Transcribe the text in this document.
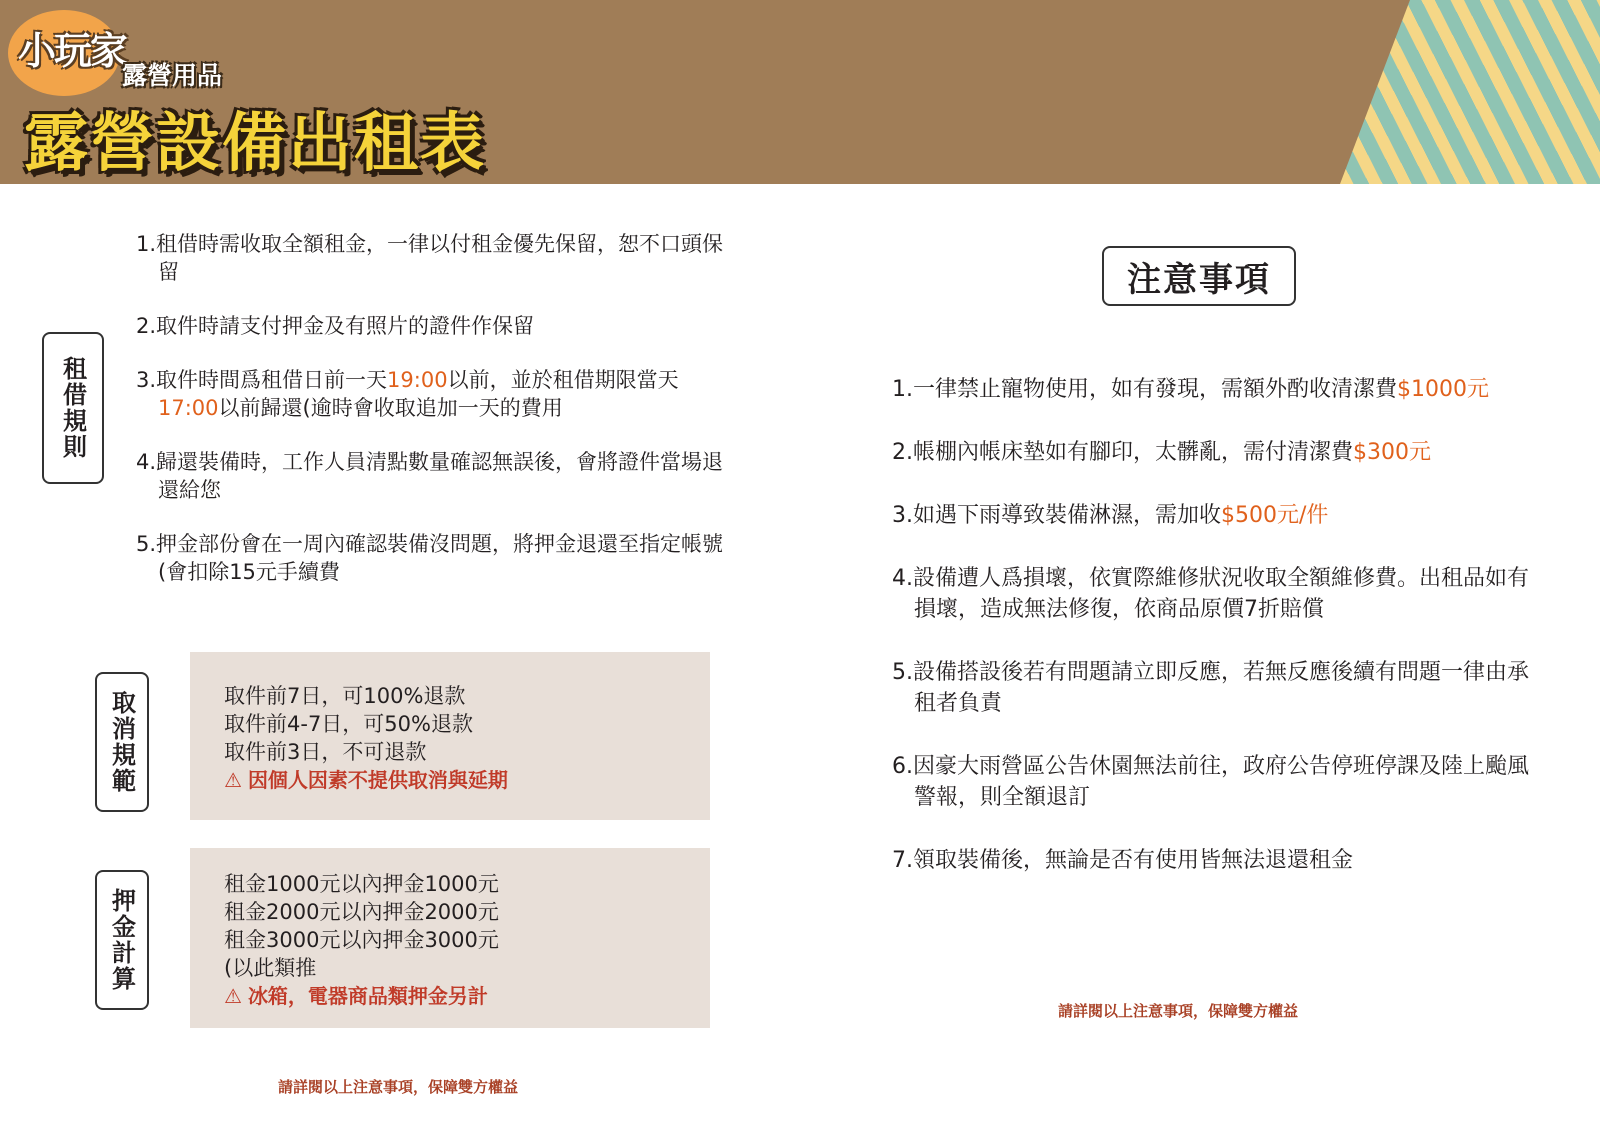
小玩家
露營用品
露營設備出租表
租借規則
1.租借時需收取全額租金，一律以付租金優先保留，恕不口頭保留
2.取件時請支付押金及有照片的證件作保留
3.取件時間爲租借日前一天19:00以前，並於租借期限當天17:00以前歸還(逾時會收取追加一天的費用
4.歸還裝備時，工作人員清點數量確認無誤後，會將證件當場退還給您
5.押金部份會在一周內確認裝備沒問題，將押金退還至指定帳號(會扣除15元手續費
取消規範	取件前7日，可100%退款
取件前4-7日，可50%退款
取件前3日，不可退款
⚠ 因個人因素不提供取消與延期
押金計算
租金1000元以內押金1000元
租金2000元以內押金2000元
租金3000元以內押金3000元
(以此類推
⚠ 冰箱，電器商品類押金另計
請詳閱以上注意事項，保障雙方權益
注意事項
1.一律禁止寵物使用，如有發現，需額外酌收清潔費$1000元
2.帳棚內帳床墊如有腳印，太髒亂，需付清潔費$300元
3.如遇下雨導致裝備淋濕，需加收$500元/件
4.設備遭人爲損壞，依實際維修狀況收取全額維修費。出租品如有損壞，造成無法修復，依商品原價7折賠償
5.設備搭設後若有問題請立即反應，若無反應後續有問題一律由承租者負責
6.因豪大雨營區公告休園無法前往，政府公告停班停課及陸上颱風警報，則全額退訂
7.領取裝備後，無論是否有使用皆無法退還租金
請詳閱以上注意事項，保障雙方權益
